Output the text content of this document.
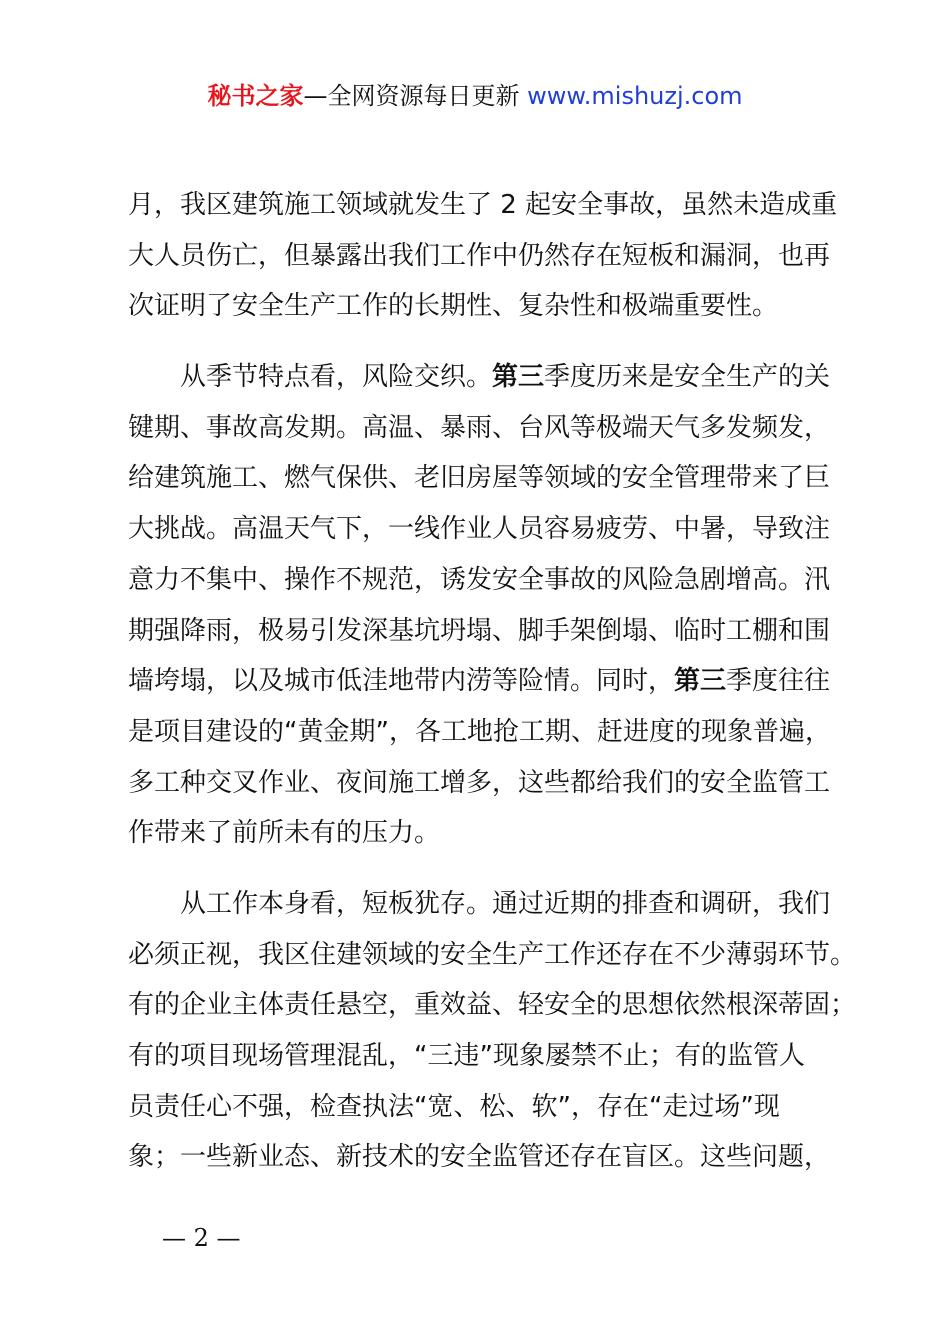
秘书之家—全网资源每日更新 www.mishuzj.com
月，我区建筑施工领域就发生了 2 起安全事故，虽然未造成重
大人员伤亡，但暴露出我们工作中仍然存在短板和漏洞，也再
次证明了安全生产工作的长期性、复杂性和极端重要性。
从季节特点看，风险交织。第三季度历来是安全生产的关
键期、事故高发期。高温、暴雨、台风等极端天气多发频发，
给建筑施工、燃气保供、老旧房屋等领域的安全管理带来了巨
大挑战。高温天气下，一线作业人员容易疲劳、中暑，导致注
意力不集中、操作不规范，诱发安全事故的风险急剧增高。汛
期强降雨，极易引发深基坑坍塌、脚手架倒塌、临时工棚和围
墙垮塌，以及城市低洼地带内涝等险情。同时，第三季度往往
是项目建设的“黄金期”，各工地抢工期、赶进度的现象普遍，
多工种交叉作业、夜间施工增多，这些都给我们的安全监管工
作带来了前所未有的压力。
从工作本身看，短板犹存。通过近期的排查和调研，我们
必须正视，我区住建领域的安全生产工作还存在不少薄弱环节。
有的企业主体责任悬空，重效益、轻安全的思想依然根深蒂固；
有的项目现场管理混乱，“三违”现象屡禁不止；有的监管人
员责任心不强，检查执法“宽、松、软”，存在“走过场”现
象；一些新业态、新技术的安全监管还存在盲区。这些问题，
— 2 —
